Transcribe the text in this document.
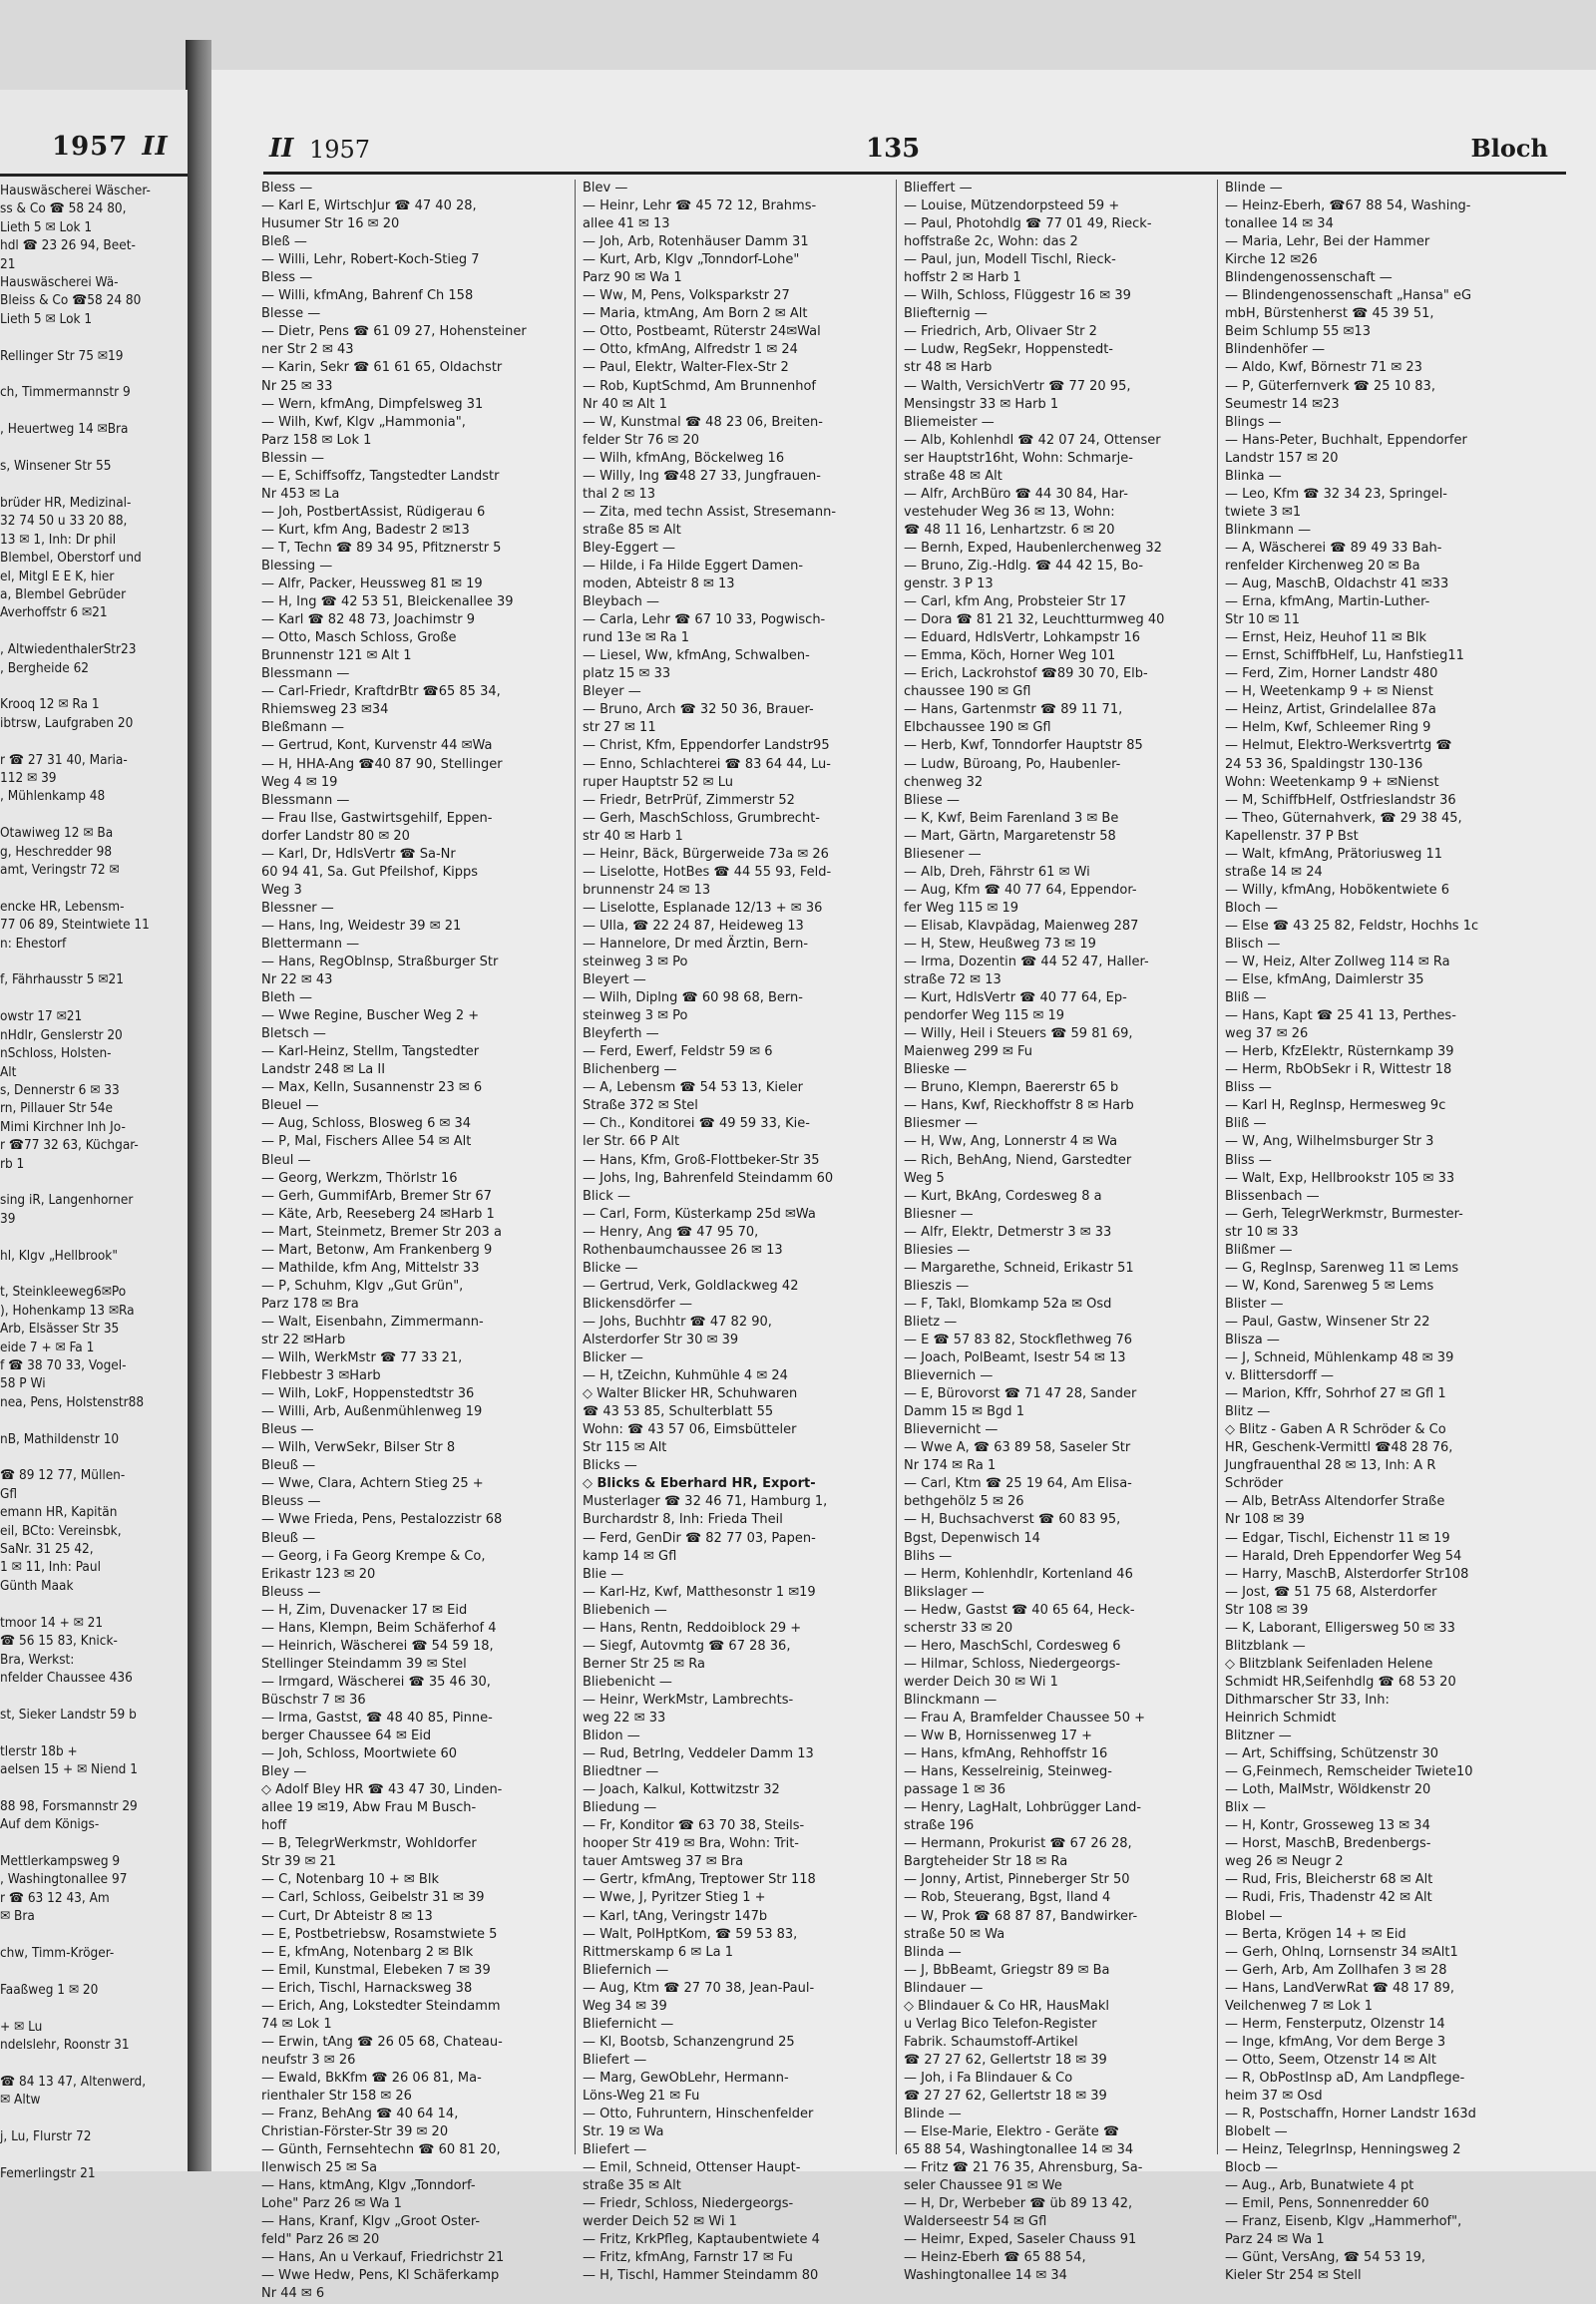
1957 II
Hauswäscherei Wäscher-
ss & Co ☎ 58 24 80,
Lieth 5 ✉ Lok 1
hdl ☎ 23 26 94, Beet-
21
Hauswäscherei Wä-
Bleiss & Co ☎58 24 80
Lieth 5 ✉ Lok 1

Rellinger Str 75 ✉19

ch, Timmermannstr 9

, Heuertweg 14 ✉Bra

s, Winsener Str 55

brüder HR, Medizinal-
32 74 50 u 33 20 88,
13 ✉ 1, Inh: Dr phil
Blembel, Oberstorf und
el, Mitgl E E K, hier
a, Blembel Gebrüder
Averhoffstr 6 ✉21

, AltwiedenthalerStr23
, Bergheide 62

Krooq 12 ✉ Ra 1
ibtrsw, Laufgraben 20

r ☎ 27 31 40, Maria-
112 ✉ 39
, Mühlenkamp 48

Otawiweg 12 ✉ Ba
g, Heschredder 98
amt, Veringstr 72 ✉

encke HR, Lebensm-
77 06 89, Steintwiete 11
n: Ehestorf

f, Fährhausstr 5 ✉21

owstr 17 ✉21
nHdlr, Genslerstr 20
nSchloss, Holsten-
Alt
s, Dennerstr 6 ✉ 33
rn, Pillauer Str 54e
Mimi Kirchner Inh Jo-
r ☎77 32 63, Küchgar-
rb 1

sing iR, Langenhorner
39

hl, Klgv „Hellbrook"

t, Steinkleeweg6✉Po
), Hohenkamp 13 ✉Ra
Arb, Elsässer Str 35
eide 7 + ✉ Fa 1
f ☎ 38 70 33, Vogel-
58 P Wi
nea, Pens, Holstenstr88

nB, Mathildenstr 10

☎ 89 12 77, Müllen-
Gfl
emann HR, Kapitän
eil, BCto: Vereinsbk,
SaNr. 31 25 42,
1 ✉ 11, Inh: Paul
Günth Maak

tmoor 14 + ✉ 21
☎ 56 15 83, Knick-
Bra, Werkst:
nfelder Chaussee 436

st, Sieker Landstr 59 b

tlerstr 18b +
aelsen 15 + ✉ Niend 1

88 98, Forsmannstr 29
Auf dem Königs-

Mettlerkampsweg 9
, Washingtonallee 97
r ☎ 63 12 43, Am
✉ Bra

chw, Timm-Kröger-

Faaßweg 1 ✉ 20

+ ✉ Lu
ndelslehr, Roonstr 31

☎ 84 13 47, Altenwerd,
✉ Altw

j, Lu, Flurstr 72

Femerlingstr 21
II 1957	135	Bloch
Bless —
— Karl E, WirtschJur ☎ 47 40 28,
Husumer Str 16 ✉ 20
Bleß —
— Willi, Lehr, Robert-Koch-Stieg 7
Bless —
— Willi, kfmAng, Bahrenf Ch 158
Blesse —
— Dietr, Pens ☎ 61 09 27, Hohensteiner
ner Str 2 ✉ 43
— Karin, Sekr ☎ 61 61 65, Oldachstr
Nr 25 ✉ 33
— Wern, kfmAng, Dimpfelsweg 31
— Wilh, Kwf, Klgv „Hammonia",
Parz 158 ✉ Lok 1
Blessin —
— E, Schiffsoffz, Tangstedter Landstr
Nr 453 ✉ La
— Joh, PostbertAssist, Rüdigerau 6
— Kurt, kfm Ang, Badestr 2 ✉13
— T, Techn ☎ 89 34 95, Pfitznerstr 5
Blessing —
— Alfr, Packer, Heussweg 81 ✉ 19
— H, Ing ☎ 42 53 51, Bleickenallee 39
— Karl ☎ 82 48 73, Joachimstr 9
— Otto, Masch Schloss, Große
Brunnenstr 121 ✉ Alt 1
Blessmann —
— Carl-Friedr, KraftdrBtr ☎65 85 34,
Rhiemsweg 23 ✉34
Bleßmann —
— Gertrud, Kont, Kurvenstr 44 ✉Wa
— H, HHA-Ang ☎40 87 90, Stellinger
Weg 4 ✉ 19
Blessmann —
— Frau Ilse, Gastwirtsgehilf, Eppen-
dorfer Landstr 80 ✉ 20
— Karl, Dr, HdlsVertr ☎ Sa-Nr
60 94 41, Sa. Gut Pfeilshof, Kipps
Weg 3
Blessner —
— Hans, Ing, Weidestr 39 ✉ 21
Blettermann —
— Hans, RegOblnsp, Straßburger Str
Nr 22 ✉ 43
Bleth —
— Wwe Regine, Buscher Weg 2 +
Bletsch —
— Karl-Heinz, Stellm, Tangstedter
Landstr 248 ✉ La II
— Max, Kelln, Susannenstr 23 ✉ 6
Bleuel —
— Aug, Schloss, Blosweg 6 ✉ 34
— P, Mal, Fischers Allee 54 ✉ Alt
Bleul —
— Georg, Werkzm, Thörlstr 16
— Gerh, GummifArb, Bremer Str 67
— Käte, Arb, Reeseberg 24 ✉Harb 1
— Mart, Steinmetz, Bremer Str 203 a
— Mart, Betonw, Am Frankenberg 9
— Mathilde, kfm Ang, Mittelstr 33
— P, Schuhm, Klgv „Gut Grün",
Parz 178 ✉ Bra
— Walt, Eisenbahn, Zimmermann-
str 22 ✉Harb
— Wilh, WerkMstr ☎ 77 33 21,
Flebbestr 3 ✉Harb
— Wilh, LokF, Hoppenstedtstr 36
— Willi, Arb, Außenmühlenweg 19
Bleus —
— Wilh, VerwSekr, Bilser Str 8
Bleuß —
— Wwe, Clara, Achtern Stieg 25 +
Bleuss —
— Wwe Frieda, Pens, Pestalozzistr 68
Bleuß —
— Georg, i Fa Georg Krempe & Co,
Erikastr 123 ✉ 20
Bleuss —
— H, Zim, Duvenacker 17 ✉ Eid
— Hans, Klempn, Beim Schäferhof 4
— Heinrich, Wäscherei ☎ 54 59 18,
Stellinger Steindamm 39 ✉ Stel
— Irmgard, Wäscherei ☎ 35 46 30,
Büschstr 7 ✉ 36
— Irma, Gastst, ☎ 48 40 85, Pinne-
berger Chaussee 64 ✉ Eid
— Joh, Schloss, Moortwiete 60
Bley —
◇ Adolf Bley HR ☎ 43 47 30, Linden-
allee 19 ✉19, Abw Frau M Busch-
hoff
— B, TelegrWerkmstr, Wohldorfer
Str 39 ✉ 21
— C, Notenbarg 10 + ✉ Blk
— Carl, Schloss, Geibelstr 31 ✉ 39
— Curt, Dr Abteistr 8 ✉ 13
— E, Postbetriebsw, Rosamstwiete 5
— E, kfmAng, Notenbarg 2 ✉ Blk
— Emil, Kunstmal, Elebeken 7 ✉ 39
— Erich, Tischl, Harnacksweg 38
— Erich, Ang, Lokstedter Steindamm
74 ✉ Lok 1
— Erwin, tAng ☎ 26 05 68, Chateau-
neufstr 3 ✉ 26
— Ewald, BkKfm ☎ 26 06 81, Ma-
rienthaler Str 158 ✉ 26
— Franz, BehAng ☎ 40 64 14,
Christian-Förster-Str 39 ✉ 20
— Günth, Fernsehtechn ☎ 60 81 20,
Ilenwisch 25 ✉ Sa
— Hans, ktmAng, Klgv „Tonndorf-
Lohe" Parz 26 ✉ Wa 1
— Hans, Kranf, Klgv „Groot Oster-
feld" Parz 26 ✉ 20
— Hans, An u Verkauf, Friedrichstr 21
— Wwe Hedw, Pens, Kl Schäferkamp
Nr 44 ✉ 6
Blev —
— Heinr, Lehr ☎ 45 72 12, Brahms-
allee 41 ✉ 13
— Joh, Arb, Rotenhäuser Damm 31
— Kurt, Arb, Klgv „Tonndorf-Lohe"
Parz 90 ✉ Wa 1
— Ww, M, Pens, Volksparkstr 27
— Maria, ktmAng, Am Born 2 ✉ Alt
— Otto, Postbeamt, Rüterstr 24✉Wal
— Otto, kfmAng, Alfredstr 1 ✉ 24
— Paul, Elektr, Walter-Flex-Str 2
— Rob, KuptSchmd, Am Brunnenhof
Nr 40 ✉ Alt 1
— W, Kunstmal ☎ 48 23 06, Breiten-
felder Str 76 ✉ 20
— Wilh, kfmAng, Böckelweg 16
— Willy, Ing ☎48 27 33, Jungfrauen-
thal 2 ✉ 13
— Zita, med techn Assist, Stresemann-
straße 85 ✉ Alt
Bley-Eggert —
— Hilde, i Fa Hilde Eggert Damen-
moden, Abteistr 8 ✉ 13
Bleybach —
— Carla, Lehr ☎ 67 10 33, Pogwisch-
rund 13e ✉ Ra 1
— Liesel, Ww, kfmAng, Schwalben-
platz 15 ✉ 33
Bleyer —
— Bruno, Arch ☎ 32 50 36, Brauer-
str 27 ✉ 11
— Christ, Kfm, Eppendorfer Landstr95
— Enno, Schlachterei ☎ 83 64 44, Lu-
ruper Hauptstr 52 ✉ Lu
— Friedr, BetrPrüf, Zimmerstr 52
— Gerh, MaschSchloss, Grumbrecht-
str 40 ✉ Harb 1
— Heinr, Bäck, Bürgerweide 73a ✉ 26
— Liselotte, HotBes ☎ 44 55 93, Feld-
brunnenstr 24 ✉ 13
— Liselotte, Esplanade 12/13 + ✉ 36
— Ulla, ☎ 22 24 87, Heideweg 13
— Hannelore, Dr med Ärztin, Bern-
steinweg 3 ✉ Po
Bleyert —
— Wilh, Diplng ☎ 60 98 68, Bern-
steinweg 3 ✉ Po
Bleyferth —
— Ferd, Ewerf, Feldstr 59 ✉ 6
Blichenberg —
— A, Lebensm ☎ 54 53 13, Kieler
Straße 372 ✉ Stel
— Ch., Konditorei ☎ 49 59 33, Kie-
ler Str. 66 P Alt
— Hans, Kfm, Groß-Flottbeker-Str 35
— Johs, Ing, Bahrenfeld Steindamm 60
Blick —
— Carl, Form, Küsterkamp 25d ✉Wa
— Henry, Ang ☎ 47 95 70,
Rothenbaumchaussee 26 ✉ 13
Blicke —
— Gertrud, Verk, Goldlackweg 42
Blickensdörfer —
— Johs, Buchhtr ☎ 47 82 90,
Alsterdorfer Str 30 ✉ 39
Blicker —
— H, tZeichn, Kuhmühle 4 ✉ 24
◇ Walter Blicker HR, Schuhwaren
☎ 43 53 85, Schulterblatt 55
Wohn: ☎ 43 57 06, Eimsbütteler
Str 115 ✉ Alt
Blicks —
◇ Blicks & Eberhard HR, Export-
Musterlager ☎ 32 46 71, Hamburg 1,
Burchardstr 8, Inh: Frieda Theil
— Ferd, GenDir ☎ 82 77 03, Papen-
kamp 14 ✉ Gfl
Blie —
— Karl-Hz, Kwf, Matthesonstr 1 ✉19
Bliebenich —
— Hans, Rentn, Reddoiblock 29 +
— Siegf, Autovmtg ☎ 67 28 36,
Berner Str 25 ✉ Ra
Bliebenicht —
— Heinr, WerkMstr, Lambrechts-
weg 22 ✉ 33
Blidon —
— Rud, BetrIng, Veddeler Damm 13
Bliedtner —
— Joach, Kalkul, Kottwitzstr 32
Bliedung —
— Fr, Konditor ☎ 63 70 38, Steils-
hooper Str 419 ✉ Bra, Wohn: Trit-
tauer Amtsweg 37 ✉ Bra
— Gertr, kfmAng, Treptower Str 118
— Wwe, J, Pyritzer Stieg 1 +
— Karl, tAng, Veringstr 147b
— Walt, PolHptKom, ☎ 59 53 83,
Rittmerskamp 6 ✉ La 1
Bliefernich —
— Aug, Ktm ☎ 27 70 38, Jean-Paul-
Weg 34 ✉ 39
Bliefernicht —
— Kl, Bootsb, Schanzengrund 25
Bliefert —
— Marg, GewObLehr, Hermann-
Löns-Weg 21 ✉ Fu
— Otto, Fuhruntern, Hinschenfelder
Str. 19 ✉ Wa
Bliefert —
— Emil, Schneid, Ottenser Haupt-
straße 35 ✉ Alt
— Friedr, Schloss, Niedergeorgs-
werder Deich 52 ✉ Wi 1
— Fritz, KrkPfleg, Kaptaubentwiete 4
— Fritz, kfmAng, Farnstr 17 ✉ Fu
— H, Tischl, Hammer Steindamm 80
Blieffert —
— Louise, Mützendorpsteed 59 +
— Paul, Photohdlg ☎ 77 01 49, Rieck-
hoffstraße 2c, Wohn: das 2
— Paul, jun, Modell Tischl, Rieck-
hoffstr 2 ✉ Harb 1
— Wilh, Schloss, Flüggestr 16 ✉ 39
Bliefternig —
— Friedrich, Arb, Olivaer Str 2
— Ludw, RegSekr, Hoppenstedt-
str 48 ✉ Harb
— Walth, VersichVertr ☎ 77 20 95,
Mensingstr 33 ✉ Harb 1
Bliemeister —
— Alb, Kohlenhdl ☎ 42 07 24, Ottenser
ser Hauptstr16ht, Wohn: Schmarje-
straße 48 ✉ Alt
— Alfr, ArchBüro ☎ 44 30 84, Har-
vestehuder Weg 36 ✉ 13, Wohn:
☎ 48 11 16, Lenhartzstr. 6 ✉ 20
— Bernh, Exped, Haubenlerchenweg 32
— Bruno, Zig.-Hdlg. ☎ 44 42 15, Bo-
genstr. 3 P 13
— Carl, kfm Ang, Probsteier Str 17
— Dora ☎ 81 21 32, Leuchtturmweg 40
— Eduard, HdlsVertr, Lohkampstr 16
— Emma, Köch, Horner Weg 101
— Erich, Lackrohstof ☎89 30 70, Elb-
chaussee 190 ✉ Gfl
— Hans, Gartenmstr ☎ 89 11 71,
Elbchaussee 190 ✉ Gfl
— Herb, Kwf, Tonndorfer Hauptstr 85
— Ludw, Büroang, Po, Haubenler-
chenweg 32
Bliese —
— K, Kwf, Beim Farenland 3 ✉ Be
— Mart, Gärtn, Margaretenstr 58
Bliesener —
— Alb, Dreh, Fährstr 61 ✉ Wi
— Aug, Kfm ☎ 40 77 64, Eppendor-
fer Weg 115 ✉ 19
— Elisab, Klavpädag, Maienweg 287
— H, Stew, Heußweg 73 ✉ 19
— Irma, Dozentin ☎ 44 52 47, Haller-
straße 72 ✉ 13
— Kurt, HdlsVertr ☎ 40 77 64, Ep-
pendorfer Weg 115 ✉ 19
— Willy, Heil i Steuers ☎ 59 81 69,
Maienweg 299 ✉ Fu
Blieske —
— Bruno, Klempn, Baererstr 65 b
— Hans, Kwf, Rieckhoffstr 8 ✉ Harb
Bliesmer —
— H, Ww, Ang, Lonnerstr 4 ✉ Wa
— Rich, BehAng, Niend, Garstedter
Weg 5
— Kurt, BkAng, Cordesweg 8 a
Bliesner —
— Alfr, Elektr, Detmerstr 3 ✉ 33
Bliesies —
— Margarethe, Schneid, Erikastr 51
Blieszis —
— F, Takl, Blomkamp 52a ✉ Osd
Blietz —
— E ☎ 57 83 82, Stockflethweg 76
— Joach, PolBeamt, Isestr 54 ✉ 13
Blievernich —
— E, Bürovorst ☎ 71 47 28, Sander
Damm 15 ✉ Bgd 1
Blievernicht —
— Wwe A, ☎ 63 89 58, Saseler Str
Nr 174 ✉ Ra 1
— Carl, Ktm ☎ 25 19 64, Am Elisa-
bethgehölz 5 ✉ 26
— H, Buchsachverst ☎ 60 83 95,
Bgst, Depenwisch 14
Blihs —
— Herm, Kohlenhdlr, Kortenland 46
Blikslager —
— Hedw, Gastst ☎ 40 65 64, Heck-
scherstr 33 ✉ 20
— Hero, MaschSchl, Cordesweg 6
— Hilmar, Schloss, Niedergeorgs-
werder Deich 30 ✉ Wi 1
Blinckmann —
— Frau A, Bramfelder Chaussee 50 +
— Ww B, Hornissenweg 17 +
— Hans, kfmAng, Rehhoffstr 16
— Hans, Kesselreinig, Steinweg-
passage 1 ✉ 36
— Henry, LagHalt, Lohbrügger Land-
straße 196
— Hermann, Prokurist ☎ 67 26 28,
Bargteheider Str 18 ✉ Ra
— Jonny, Artist, Pinneberger Str 50
— Rob, Steuerang, Bgst, Iland 4
— W, Prok ☎ 68 87 87, Bandwirker-
straße 50 ✉ Wa
Blinda —
— J, BbBeamt, Griegstr 89 ✉ Ba
Blindauer —
◇ Blindauer & Co HR, HausMakl
u Verlag Bico Telefon-Register
Fabrik. Schaumstoff-Artikel
☎ 27 27 62, Gellertstr 18 ✉ 39
— Joh, i Fa Blindauer & Co
☎ 27 27 62, Gellertstr 18 ✉ 39
Blinde —
— Else-Marie, Elektro - Geräte ☎
65 88 54, Washingtonallee 14 ✉ 34
— Fritz ☎ 21 76 35, Ahrensburg, Sa-
seler Chaussee 91 ✉ We
— H, Dr, Werbeber ☎ üb 89 13 42,
Walderseestr 54 ✉ Gfl
— Heimr, Exped, Saseler Chauss 91
— Heinz-Eberh ☎ 65 88 54,
Washingtonallee 14 ✉ 34
Blinde —
— Heinz-Eberh, ☎67 88 54, Washing-
tonallee 14 ✉ 34
— Maria, Lehr, Bei der Hammer
Kirche 12 ✉26
Blindengenossenschaft —
— Blindengenossenschaft „Hansa" eG
mbH, Bürstenherst ☎ 45 39 51,
Beim Schlump 55 ✉13
Blindenhöfer —
— Aldo, Kwf, Börnestr 71 ✉ 23
— P, Güterfernverk ☎ 25 10 83,
Seumestr 14 ✉23
Blings —
— Hans-Peter, Buchhalt, Eppendorfer
Landstr 157 ✉ 20
Blinka —
— Leo, Kfm ☎ 32 34 23, Springel-
twiete 3 ✉1
Blinkmann —
— A, Wäscherei ☎ 89 49 33 Bah-
renfelder Kirchenweg 20 ✉ Ba
— Aug, MaschB, Oldachstr 41 ✉33
— Erna, kfmAng, Martin-Luther-
Str 10 ✉ 11
— Ernst, Heiz, Heuhof 11 ✉ Blk
— Ernst, SchiffbHelf, Lu, Hanfstieg11
— Ferd, Zim, Horner Landstr 480
— H, Weetenkamp 9 + ✉ Nienst
— Heinz, Artist, Grindelallee 87a
— Helm, Kwf, Schleemer Ring 9
— Helmut, Elektro-Werksvertrtg ☎
24 53 36, Spaldingstr 130-136
Wohn: Weetenkamp 9 + ✉Nienst
— M, SchiffbHelf, Ostfrieslandstr 36
— Theo, Güternahverk, ☎ 29 38 45,
Kapellenstr. 37 P Bst
— Walt, kfmAng, Prätoriusweg 11
straße 14 ✉ 24
— Willy, kfmAng, Hobökentwiete 6
Bloch —
— Else ☎ 43 25 82, Feldstr, Hochhs 1c
Blisch —
— W, Heiz, Alter Zollweg 114 ✉ Ra
— Else, kfmAng, Daimlerstr 35
Bliß —
— Hans, Kapt ☎ 25 41 13, Perthes-
weg 37 ✉ 26
— Herb, KfzElektr, Rüsternkamp 39
— Herm, RbObSekr i R, Wittestr 18
Bliss —
— Karl H, RegInsp, Hermesweg 9c
Bliß —
— W, Ang, Wilhelmsburger Str 3
Bliss —
— Walt, Exp, Hellbrookstr 105 ✉ 33
Blissenbach —
— Gerh, TelegrWerkmstr, Burmester-
str 10 ✉ 33
Blißmer —
— G, RegInsp, Sarenweg 11 ✉ Lems
— W, Kond, Sarenweg 5 ✉ Lems
Blister —
— Paul, Gastw, Winsener Str 22
Blisza —
— J, Schneid, Mühlenkamp 48 ✉ 39
v. Blittersdorff —
— Marion, Kffr, Sohrhof 27 ✉ Gfl 1
Blitz —
◇ Blitz - Gaben A R Schröder & Co
HR, Geschenk-Vermittl ☎48 28 76,
Jungfrauenthal 28 ✉ 13, Inh: A R
Schröder
— Alb, BetrAss Altendorfer Straße
Nr 108 ✉ 39
— Edgar, Tischl, Eichenstr 11 ✉ 19
— Harald, Dreh Eppendorfer Weg 54
— Harry, MaschB, Alsterdorfer Str108
— Jost, ☎ 51 75 68, Alsterdorfer
Str 108 ✉ 39
— K, Laborant, Elligersweg 50 ✉ 33
Blitzblank —
◇ Blitzblank Seifenladen Helene
Schmidt HR,Seifenhdlg ☎ 68 53 20
Dithmarscher Str 33, Inh:
Heinrich Schmidt
Blitzner —
— Art, Schiffsing, Schützenstr 30
— G,Feinmech, Remscheider Twiete10
— Loth, MalMstr, Wöldkenstr 20
Blix —
— H, Kontr, Grosseweg 13 ✉ 34
— Horst, MaschB, Bredenbergs-
weg 26 ✉ Neugr 2
— Rud, Fris, Bleicherstr 68 ✉ Alt
— Rudi, Fris, Thadenstr 42 ✉ Alt
Blobel —
— Berta, Krögen 14 + ✉ Eid
— Gerh, Ohlnq, Lornsenstr 34 ✉Alt1
— Gerh, Arb, Am Zollhafen 3 ✉ 28
— Hans, LandVerwRat ☎ 48 17 89,
Veilchenweg 7 ✉ Lok 1
— Herm, Fensterputz, Olzenstr 14
— Inge, kfmAng, Vor dem Berge 3
— Otto, Seem, Otzenstr 14 ✉ Alt
— R, ObPostInsp aD, Am Landpflege-
heim 37 ✉ Osd
— R, Postschaffn, Horner Landstr 163d
Blobelt —
— Heinz, TelegrInsp, Henningsweg 2
Blocb —
— Aug., Arb, Bunatwiete 4 pt
— Emil, Pens, Sonnenredder 60
— Franz, Eisenb, Klgv „Hammerhof",
Parz 24 ✉ Wa 1
— Günt, VersAng, ☎ 54 53 19,
Kieler Str 254 ✉ Stell
